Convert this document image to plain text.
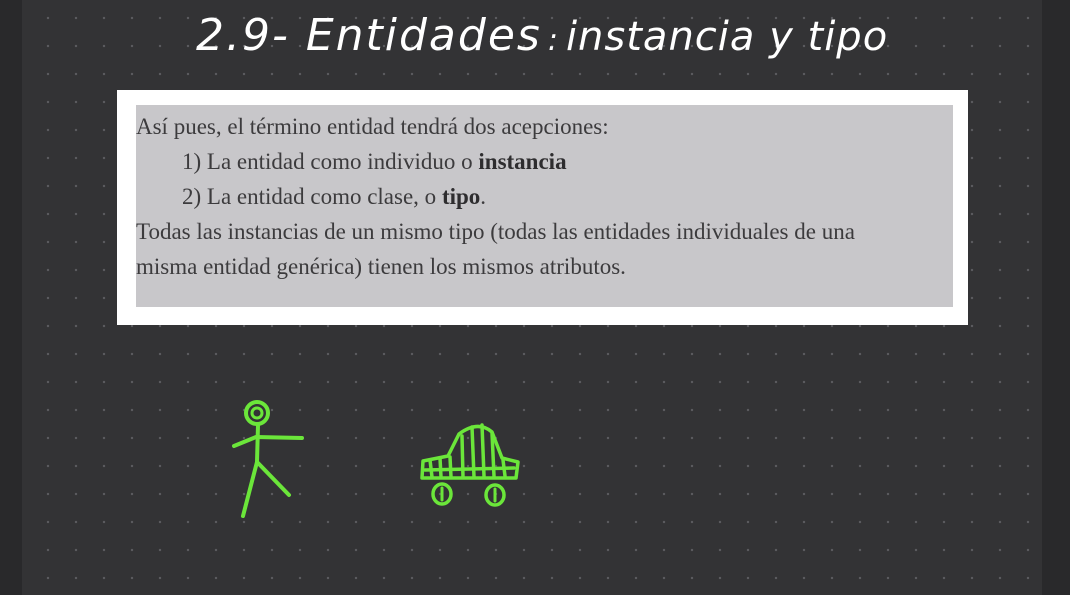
2.9- Entidades : instancia y tipo

Así pues, el término entidad tendrá dos acepciones:

1) La entidad como individuo o instancia

2) La entidad como clase, o tipo.

Todas las instancias de un mismo tipo (todas las entidades individuales de una

misma entidad genérica) tienen los mismos atributos.
